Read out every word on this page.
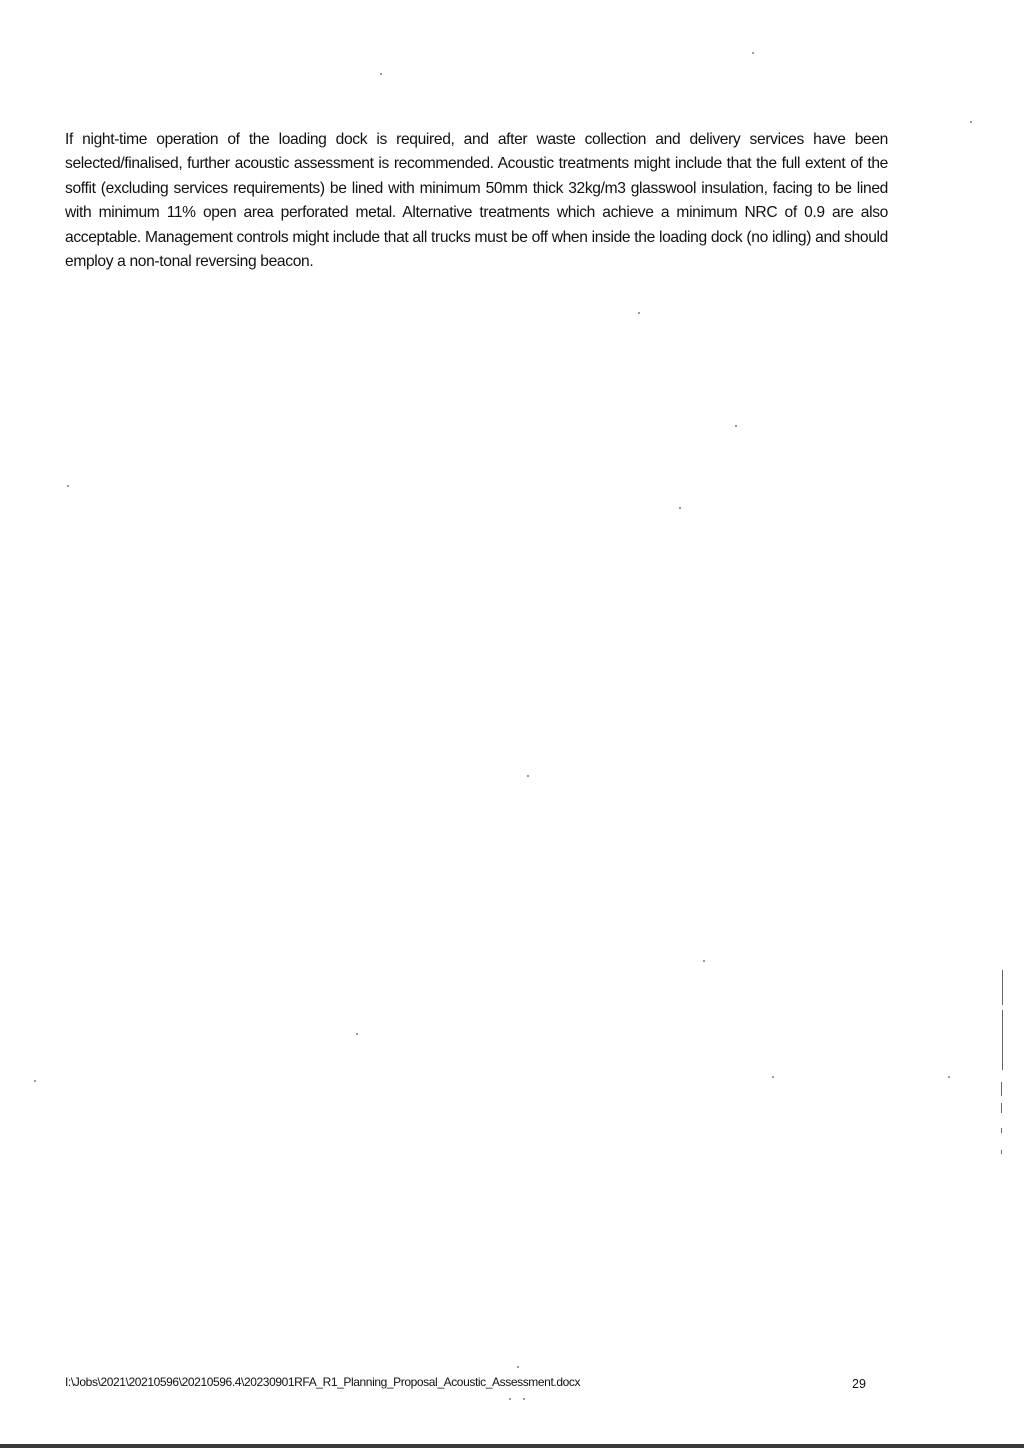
If night-time operation of the loading dock is required, and after waste collection and delivery services have been selected/finalised, further acoustic assessment is recommended. Acoustic treatments might include that the full extent of the soffit (excluding services requirements) be lined with minimum 50mm thick 32kg/m3 glasswool insulation, facing to be lined with minimum 11% open area perforated metal. Alternative treatments which achieve a minimum NRC of 0.9 are also acceptable. Management controls might include that all trucks must be off when inside the loading dock (no idling) and should employ a non-tonal reversing beacon.

I:\Jobs\2021\20210596\20210596.4\20230901RFA_R1_Planning_Proposal_Acoustic_Assessment.docx	29
